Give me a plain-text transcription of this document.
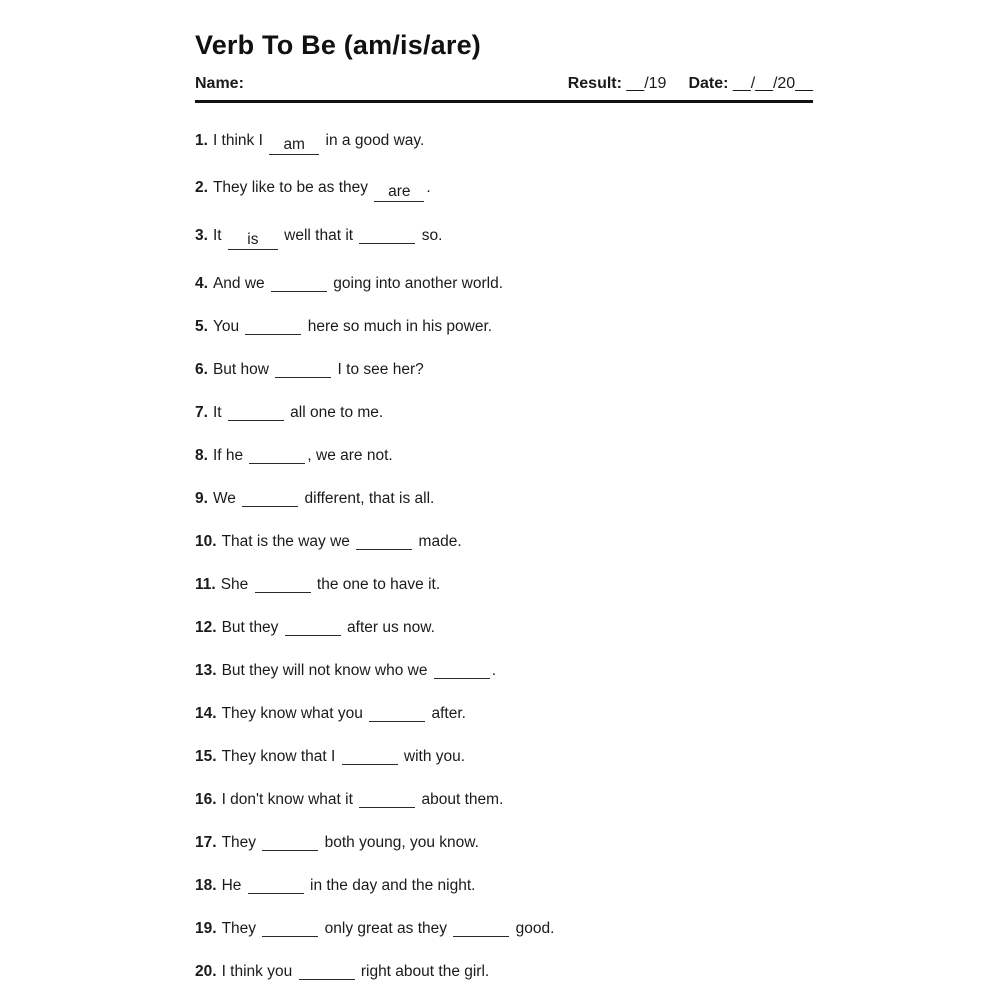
Verb To Be (am/is/are)
Name:	Result: __/19 Date: __/__/20__
1. I think I am in a good way.
2. They like to be as they are .
3. It is well that it	so.
4. And we	going into another world.
5. You	here so much in his power.
6. But how	I to see her?
7. It	all one to me.
8. If he	, we are not.
9. We	different, that is all.
10. That is the way we	made.
11. She	the one to have it.
12. But they	after us now.
13. But they will not know who we	.
14. They know what you	after.
15. They know that I	with you.
16. I don't know what it	about them.
17. They	both young, you know.
18. He	in the day and the night.
19. They	only great as they	good.
20. I think you	right about the girl.
